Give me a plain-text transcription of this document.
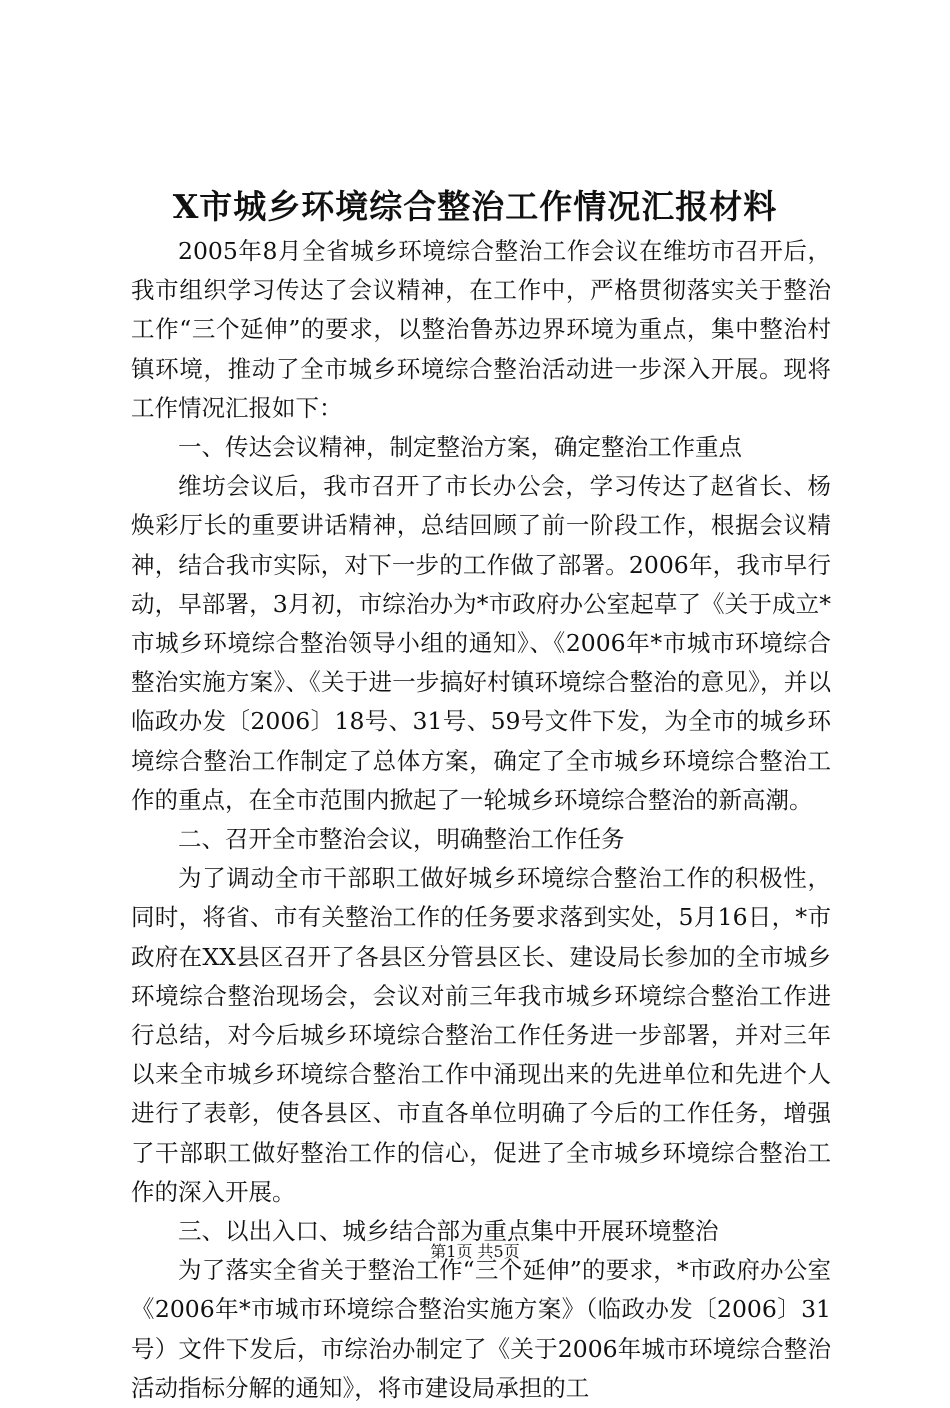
X市城乡环境综合整治工作情况汇报材料

2005年8月全省城乡环境综合整治工作会议在维坊市召开后，我市组织学习传达了会议精神，在工作中，严格贯彻落实关于整治工作“三个延伸”的要求，以整治鲁苏边界环境为重点，集中整治村镇环境，推动了全市城乡环境综合整治活动进一步深入开展。现将工作情况汇报如下：

一、传达会议精神，制定整治方案，确定整治工作重点

维坊会议后，我市召开了市长办公会，学习传达了赵省长、杨焕彩厅长的重要讲话精神，总结回顾了前一阶段工作，根据会议精神，结合我市实际，对下一步的工作做了部署。2006年，我市早行动，早部署，3月初，市综治办为*市政府办公室起草了《关于成立*市城乡环境综合整治领导小组的通知》、《2006年*市城市环境综合整治实施方案》、《关于进一步搞好村镇环境综合整治的意见》，并以临政办发〔2006〕18号、31号、59号文件下发，为全市的城乡环境综合整治工作制定了总体方案，确定了全市城乡环境综合整治工作的重点，在全市范围内掀起了一轮城乡环境综合整治的新高潮。

二、召开全市整治会议，明确整治工作任务

为了调动全市干部职工做好城乡环境综合整治工作的积极性，同时，将省、市有关整治工作的任务要求落到实处，5月16日，*市政府在XX县区召开了各县区分管县区长、建设局长参加的全市城乡环境综合整治现场会，会议对前三年我市城乡环境综合整治工作进行总结，对今后城乡环境综合整治工作任务进一步部署，并对三年以来全市城乡环境综合整治工作中涌现出来的先进单位和先进个人进行了表彰，使各县区、市直各单位明确了今后的工作任务，增强了干部职工做好整治工作的信心，促进了全市城乡环境综合整治工作的深入开展。

三、以出入口、城乡结合部为重点集中开展环境整治

为了落实全省关于整治工作“三个延伸”的要求，*市政府办公室《2006年*市城市环境综合整治实施方案》（临政办发〔2006〕31号）文件下发后，市综治办制定了《关于2006年城市环境综合整治活动指标分解的通知》，将市建设局承担的工

第1页 共5页
